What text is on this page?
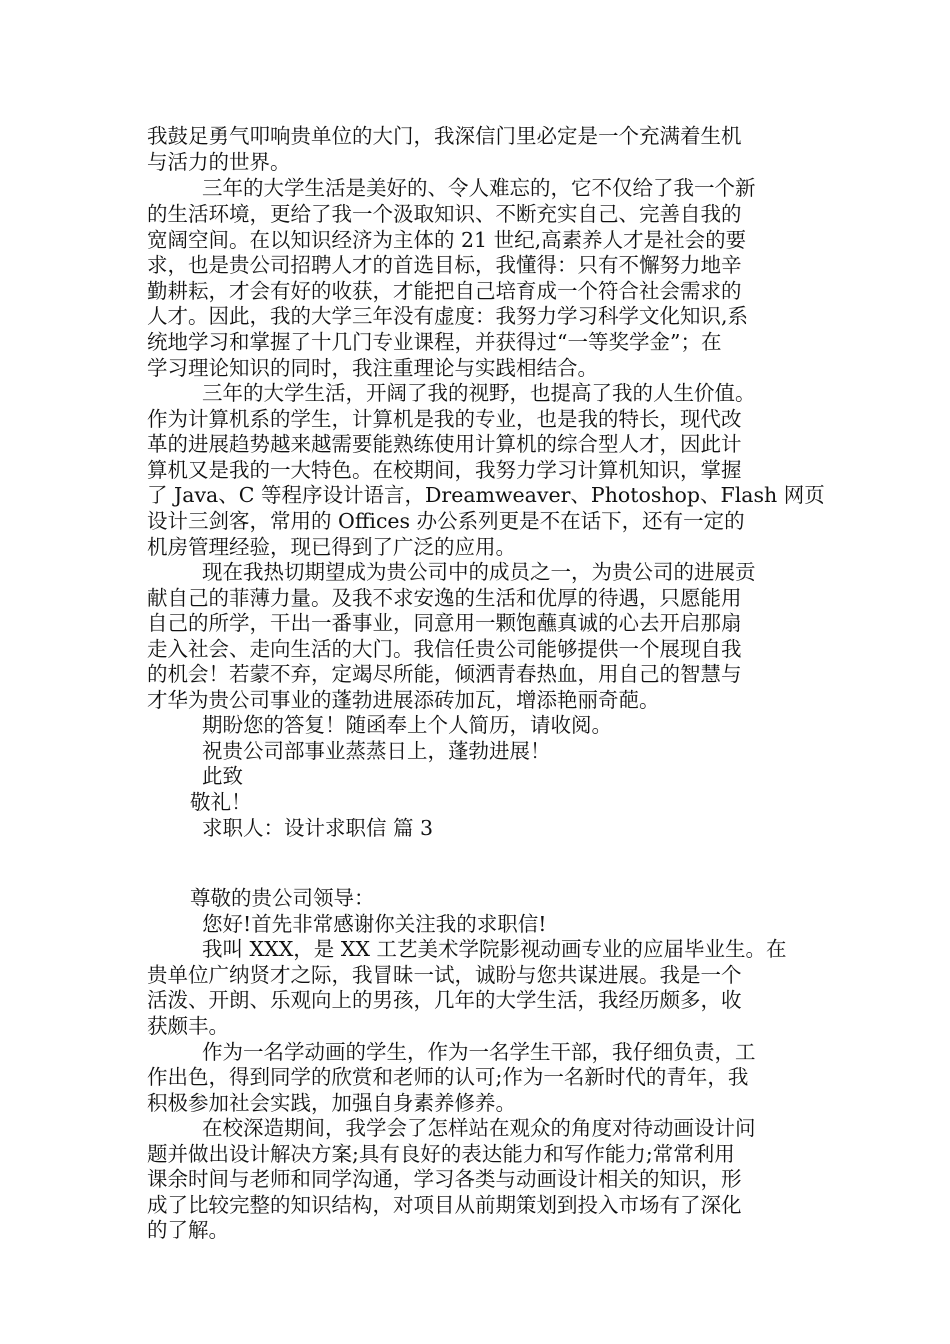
我鼓足勇气叩响贵单位的大门，我深信门里必定是一个充满着生机
与活力的世界。
三年的大学生活是美好的、令人难忘的，它不仅给了我一个新
的生活环境，更给了我一个汲取知识、不断充实自己、完善自我的
宽阔空间。在以知识经济为主体的 21 世纪,高素养人才是社会的要
求，也是贵公司招聘人才的首选目标，我懂得：只有不懈努力地辛
勤耕耘，才会有好的收获，才能把自己培育成一个符合社会需求的
人才。因此，我的大学三年没有虚度：我努力学习科学文化知识,系
统地学习和掌握了十几门专业课程，并获得过“一等奖学金”；在
学习理论知识的同时，我注重理论与实践相结合。
三年的大学生活，开阔了我的视野，也提高了我的人生价值。
作为计算机系的学生，计算机是我的专业，也是我的特长，现代改
革的进展趋势越来越需要能熟练使用计算机的综合型人才，因此计
算机又是我的一大特色。在校期间，我努力学习计算机知识，掌握
了 Java、C 等程序设计语言，Dreamweaver、Photoshop、Flash 网页
设计三剑客，常用的 Offices 办公系列更是不在话下，还有一定的
机房管理经验，现已得到了广泛的应用。
现在我热切期望成为贵公司中的成员之一，为贵公司的进展贡
献自己的菲薄力量。及我不求安逸的生活和优厚的待遇，只愿能用
自己的所学，干出一番事业，同意用一颗饱蘸真诚的心去开启那扇
走入社会、走向生活的大门。我信任贵公司能够提供一个展现自我
的机会！若蒙不弃，定竭尽所能，倾洒青春热血，用自己的智慧与
才华为贵公司事业的蓬勃进展添砖加瓦，增添艳丽奇葩。
期盼您的答复！随函奉上个人简历，请收阅。
祝贵公司部事业蒸蒸日上，蓬勃进展！
此致
敬礼！
求职人：设计求职信 篇 3
尊敬的贵公司领导：
您好!首先非常感谢你关注我的求职信!
我叫 XXX，是 XX 工艺美术学院影视动画专业的应届毕业生。在
贵单位广纳贤才之际，我冒昧一试，诚盼与您共谋进展。我是一个
活泼、开朗、乐观向上的男孩，几年的大学生活，我经历颇多，收
获颇丰。
作为一名学动画的学生，作为一名学生干部，我仔细负责，工
作出色，得到同学的欣赏和老师的认可;作为一名新时代的青年，我
积极参加社会实践，加强自身素养修养。
在校深造期间，我学会了怎样站在观众的角度对待动画设计问
题并做出设计解决方案;具有良好的表达能力和写作能力;常常利用
课余时间与老师和同学沟通，学习各类与动画设计相关的知识，形
成了比较完整的知识结构，对项目从前期策划到投入市场有了深化
的了解。
